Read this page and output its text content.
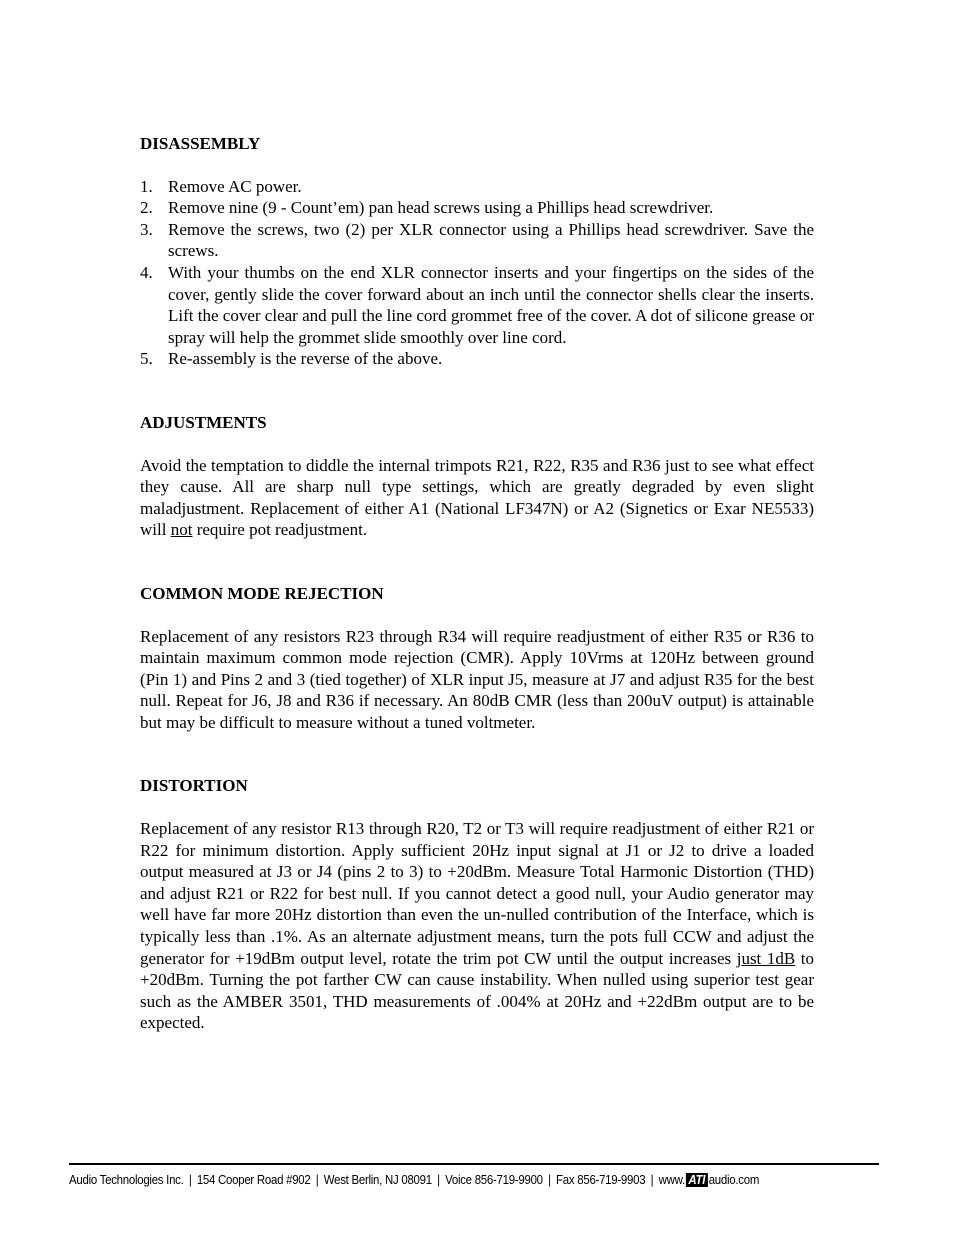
DISASSEMBLY
1. Remove AC power.
2. Remove nine (9 - Count’em) pan head screws using a Phillips head screwdriver.
3. Remove the screws, two (2) per XLR connector using a Phillips head screwdriver. Save the screws.
4. With your thumbs on the end XLR connector inserts and your fingertips on the sides of the cover, gently slide the cover forward about an inch until the connector shells clear the inserts. Lift the cover clear and pull the line cord grommet free of the cover. A dot of silicone grease or spray will help the grommet slide smoothly over line cord.
5. Re-assembly is the reverse of the above.
ADJUSTMENTS

Avoid the temptation to diddle the internal trimpots R21, R22, R35 and R36 just to see what effect they cause. All are sharp null type settings, which are greatly degraded by even slight maladjustment. Replacement of either A1 (National LF347N) or A2 (Signetics or Exar NE5533) will not require pot readjustment.

COMMON MODE REJECTION

Replacement of any resistors R23 through R34 will require readjustment of either R35 or R36 to maintain maximum common mode rejection (CMR). Apply 10Vrms at 120Hz between ground (Pin 1) and Pins 2 and 3 (tied together) of XLR input J5, measure at J7 and adjust R35 for the best null. Repeat for J6, J8 and R36 if necessary. An 80dB CMR (less than 200uV output) is attainable but may be difficult to measure without a tuned voltmeter.

DISTORTION

Replacement of any resistor R13 through R20, T2 or T3 will require readjustment of either R21 or R22 for minimum distortion. Apply sufficient 20Hz input signal at J1 or J2 to drive a loaded output measured at J3 or J4 (pins 2 to 3) to +20dBm. Measure Total Harmonic Distortion (THD) and adjust R21 or R22 for best null. If you cannot detect a good null, your Audio generator may well have far more 20Hz distortion than even the un-nulled contribution of the Interface, which is typically less than .1%. As an alternate adjustment means, turn the pots full CCW and adjust the generator for +19dBm output level, rotate the trim pot CW until the output increases just 1dB to +20dBm. Turning the pot farther CW can cause instability. When nulled using superior test gear such as the AMBER 3501, THD measurements of .004% at 20Hz and +22dBm output are to be expected.

Audio Technologies Inc. | 154 Cooper Road #902 | West Berlin, NJ 08091 | Voice 856-719-9900 | Fax 856-719-9903 | www. ATI audio.com
